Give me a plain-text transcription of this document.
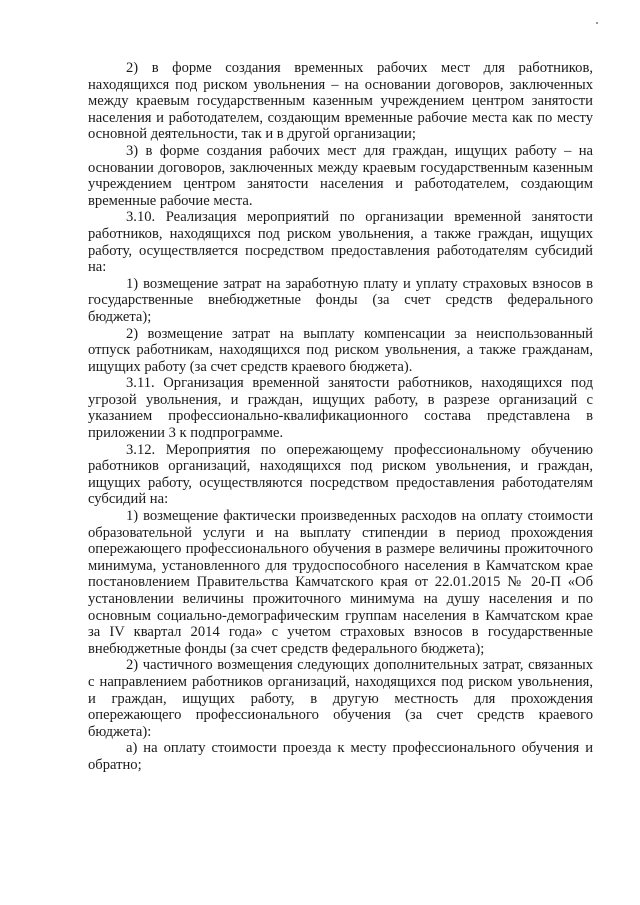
2) в форме создания временных рабочих мест для работников, находящихся под риском увольнения – на основании договоров, заключенных между краевым государственным казенным учреждением центром занятости населения и работодателем, создающим временные рабочие места как по месту основной деятельности, так и в другой организации;

3) в форме создания рабочих мест для граждан, ищущих работу – на основании договоров, заключенных между краевым государственным казенным учреждением центром занятости населения и работодателем, создающим временные рабочие места.

3.10. Реализация мероприятий по организации временной занятости работников, находящихся под риском увольнения, а также граждан, ищущих работу, осуществляется посредством предоставления работодателям субсидий на:

1) возмещение затрат на заработную плату и уплату страховых взносов в государственные внебюджетные фонды (за счет средств федерального бюджета);

2) возмещение затрат на выплату компенсации за неиспользованный отпуск работникам, находящихся под риском увольнения, а также гражданам, ищущих работу (за счет средств краевого бюджета).

3.11. Организация временной занятости работников, находящихся под угрозой увольнения, и граждан, ищущих работу, в разрезе организаций с указанием профессионально-квалификационного состава представлена в приложении 3 к подпрограмме.

3.12. Мероприятия по опережающему профессиональному обучению работников организаций, находящихся под риском увольнения, и граждан, ищущих работу, осуществляются посредством предоставления работодателям субсидий на:

1) возмещение фактически произведенных расходов на оплату стоимости образовательной услуги и на выплату стипендии в период прохождения опережающего профессионального обучения в размере величины прожиточного минимума, установленного для трудоспособного населения в Камчатском крае постановлением Правительства Камчатского края от 22.01.2015 № 20-П «Об установлении величины прожиточного минимума на душу населения и по основным социально-демографическим группам населения в Камчатском крае за IV квартал 2014 года» с учетом страховых взносов в государственные внебюджетные фонды (за счет средств федерального бюджета);

2) частичного возмещения следующих дополнительных затрат, связанных с направлением работников организаций, находящихся под риском увольнения, и граждан, ищущих работу, в другую местность для прохождения опережающего профессионального обучения (за счет средств краевого бюджета):

а) на оплату стоимости проезда к месту профессионального обучения и обратно;
